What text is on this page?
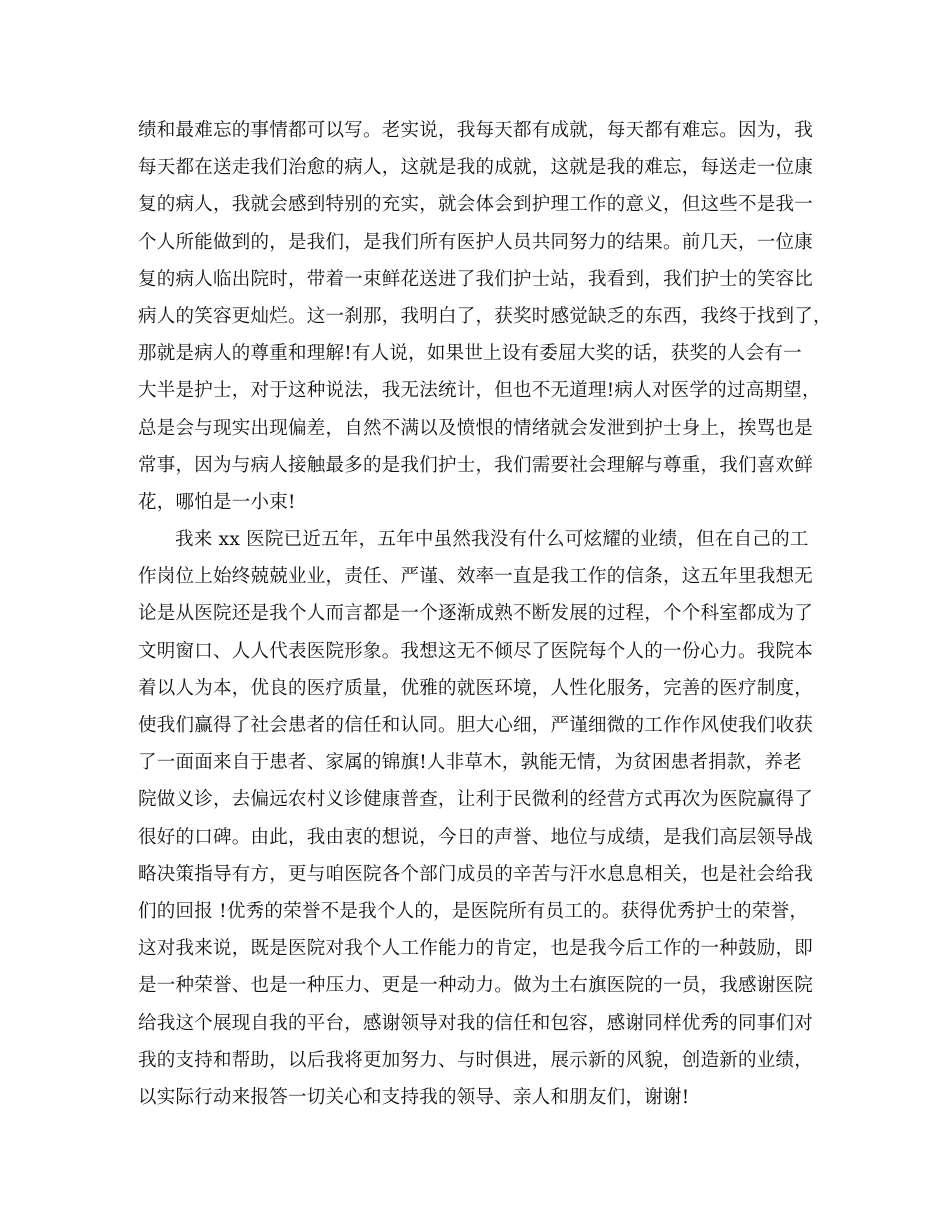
绩和最难忘的事情都可以写。老实说，我每天都有成就，每天都有难忘。因为，我
每天都在送走我们治愈的病人，这就是我的成就，这就是我的难忘，每送走一位康
复的病人，我就会感到特别的充实，就会体会到护理工作的意义，但这些不是我一
个人所能做到的，是我们，是我们所有医护人员共同努力的结果。前几天，一位康
复的病人临出院时，带着一束鲜花送进了我们护士站，我看到，我们护士的笑容比
病人的笑容更灿烂。这一刹那，我明白了，获奖时感觉缺乏的东西，我终于找到了，
那就是病人的尊重和理解!有人说，如果世上设有委屈大奖的话，获奖的人会有一
大半是护士，对于这种说法，我无法统计，但也不无道理!病人对医学的过高期望，
总是会与现实出现偏差，自然不满以及愤恨的情绪就会发泄到护士身上，挨骂也是
常事，因为与病人接触最多的是我们护士，我们需要社会理解与尊重，我们喜欢鲜
花，哪怕是一小束!
我来 xx 医院已近五年，五年中虽然我没有什么可炫耀的业绩，但在自己的工
作岗位上始终兢兢业业，责任、严谨、效率一直是我工作的信条，这五年里我想无
论是从医院还是我个人而言都是一个逐渐成熟不断发展的过程，个个科室都成为了
文明窗口、人人代表医院形象。我想这无不倾尽了医院每个人的一份心力。我院本
着以人为本，优良的医疗质量，优雅的就医环境，人性化服务，完善的医疗制度，
使我们赢得了社会患者的信任和认同。胆大心细，严谨细微的工作作风使我们收获
了一面面来自于患者、家属的锦旗!人非草木，孰能无情，为贫困患者捐款，养老
院做义诊，去偏远农村义诊健康普查，让利于民微利的经营方式再次为医院赢得了
很好的口碑。由此，我由衷的想说，今日的声誉、地位与成绩，是我们高层领导战
略决策指导有方，更与咱医院各个部门成员的辛苦与汗水息息相关，也是社会给我
们的回报 !优秀的荣誉不是我个人的，是医院所有员工的。获得优秀护士的荣誉，
这对我来说，既是医院对我个人工作能力的肯定，也是我今后工作的一种鼓励，即
是一种荣誉、也是一种压力、更是一种动力。做为土右旗医院的一员，我感谢医院
给我这个展现自我的平台，感谢领导对我的信任和包容，感谢同样优秀的同事们对
我的支持和帮助，以后我将更加努力、与时俱进，展示新的风貌，创造新的业绩，
以实际行动来报答一切关心和支持我的领导、亲人和朋友们，谢谢!
